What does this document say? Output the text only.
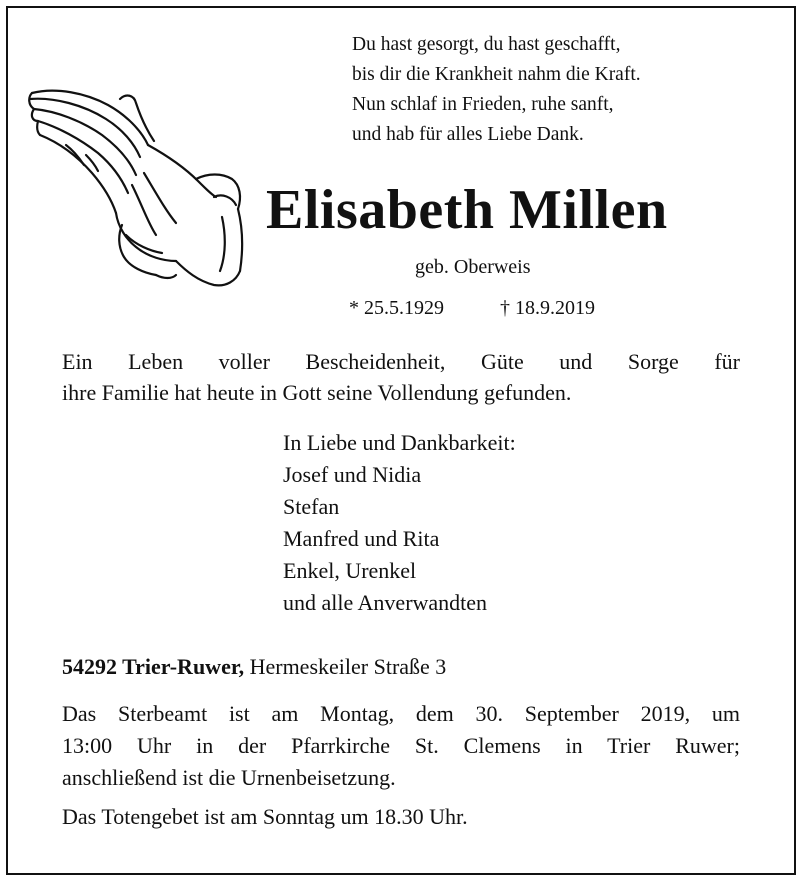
Du hast gesorgt, du hast geschafft,
bis dir die Krankheit nahm die Kraft.
Nun schlaf in Frieden, ruhe sanft,
und hab für alles Liebe Dank.
Elisabeth Millen
geb. Oberweis
* 25.5.1929	† 18.9.2019
Ein Leben voller Bescheidenheit, Güte und Sorge für
ihre Familie hat heute in Gott seine Vollendung gefunden.
In Liebe und Dankbarkeit:
Josef und Nidia
Stefan
Manfred und Rita
Enkel, Urenkel
und alle Anverwandten
54292 Trier-Ruwer, Hermeskeiler Straße 3
Das Sterbeamt ist am Montag, dem 30. September 2019, um
13:00 Uhr in der Pfarrkirche St. Clemens in Trier Ruwer;
anschließend ist die Urnenbeisetzung.
Das Totengebet ist am Sonntag um 18.30 Uhr.
